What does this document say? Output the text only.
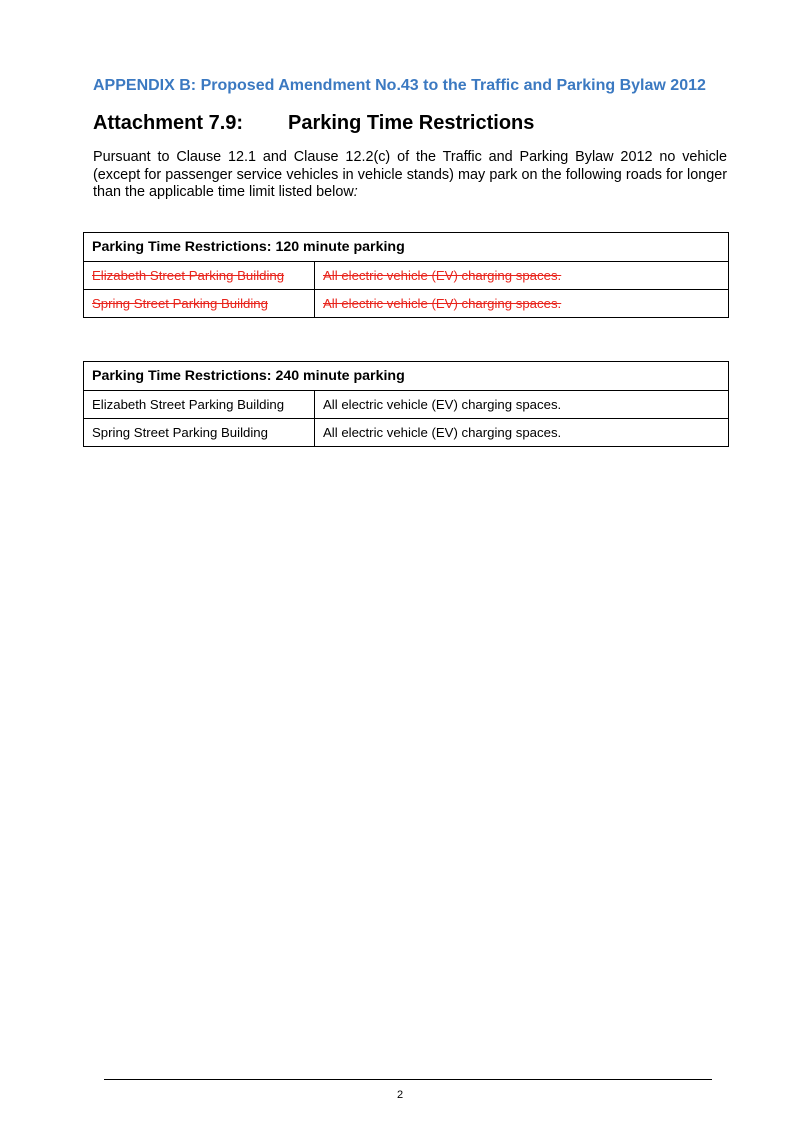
APPENDIX B: Proposed Amendment No.43 to the Traffic and Parking Bylaw 2012
Attachment 7.9: Parking Time Restrictions
Pursuant to Clause 12.1 and Clause 12.2(c) of the Traffic and Parking Bylaw 2012 no vehicle (except for passenger service vehicles in vehicle stands) may park on the following roads for longer than the applicable time limit listed below:
Parking Time Restrictions: 120 minute parking	
Elizabeth Street Parking Building	All electric vehicle (EV) charging spaces.
Spring Street Parking Building	All electric vehicle (EV) charging spaces.
Parking Time Restrictions: 240 minute parking	
Elizabeth Street Parking Building	All electric vehicle (EV) charging spaces.
Spring Street Parking Building	All electric vehicle (EV) charging spaces.
2
